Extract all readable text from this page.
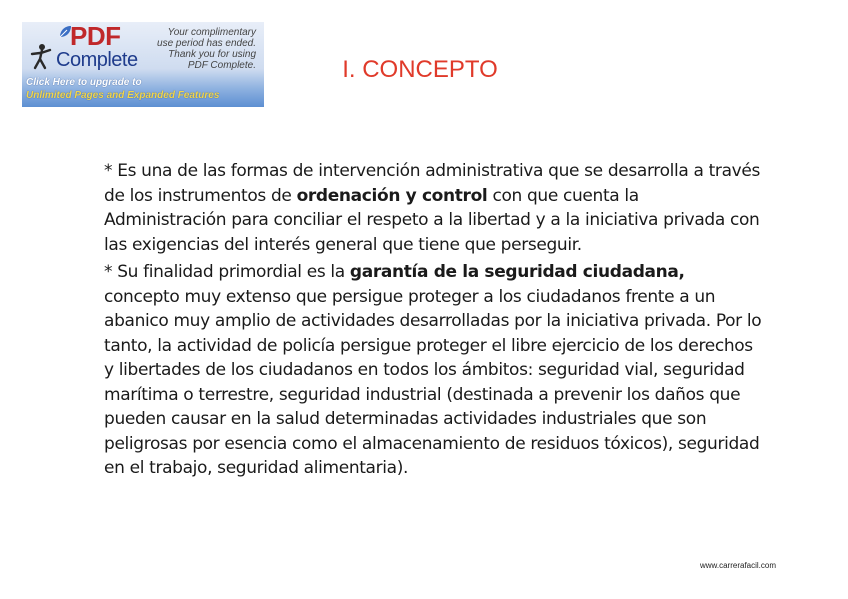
PDF
Complete
Your complimentary
use period has ended.
Thank you for using
PDF Complete.
Click Here to upgrade to
Unlimited Pages and Expanded Features
I. CONCEPTO

* Es una de las formas de intervención administrativa que se desarrolla a través de los instrumentos de ordenación y control con que cuenta la Administración para conciliar el respeto a la libertad y a la iniciativa privada con las exigencias del interés general que tiene que perseguir.

* Su finalidad primordial es la garantía de la seguridad ciudadana, concepto muy extenso que persigue proteger a los ciudadanos frente a un abanico muy amplio de actividades desarrolladas por la iniciativa privada. Por lo tanto, la actividad de policía persigue proteger el libre ejercicio de los derechos y libertades de los ciudadanos en todos los ámbitos: seguridad vial, seguridad marítima o terrestre, seguridad industrial (destinada a prevenir los daños que pueden causar en la salud determinadas actividades industriales que son peligrosas por esencia como el almacenamiento de residuos tóxicos), seguridad en el trabajo, seguridad alimentaria).

www.carrerafacil.com
